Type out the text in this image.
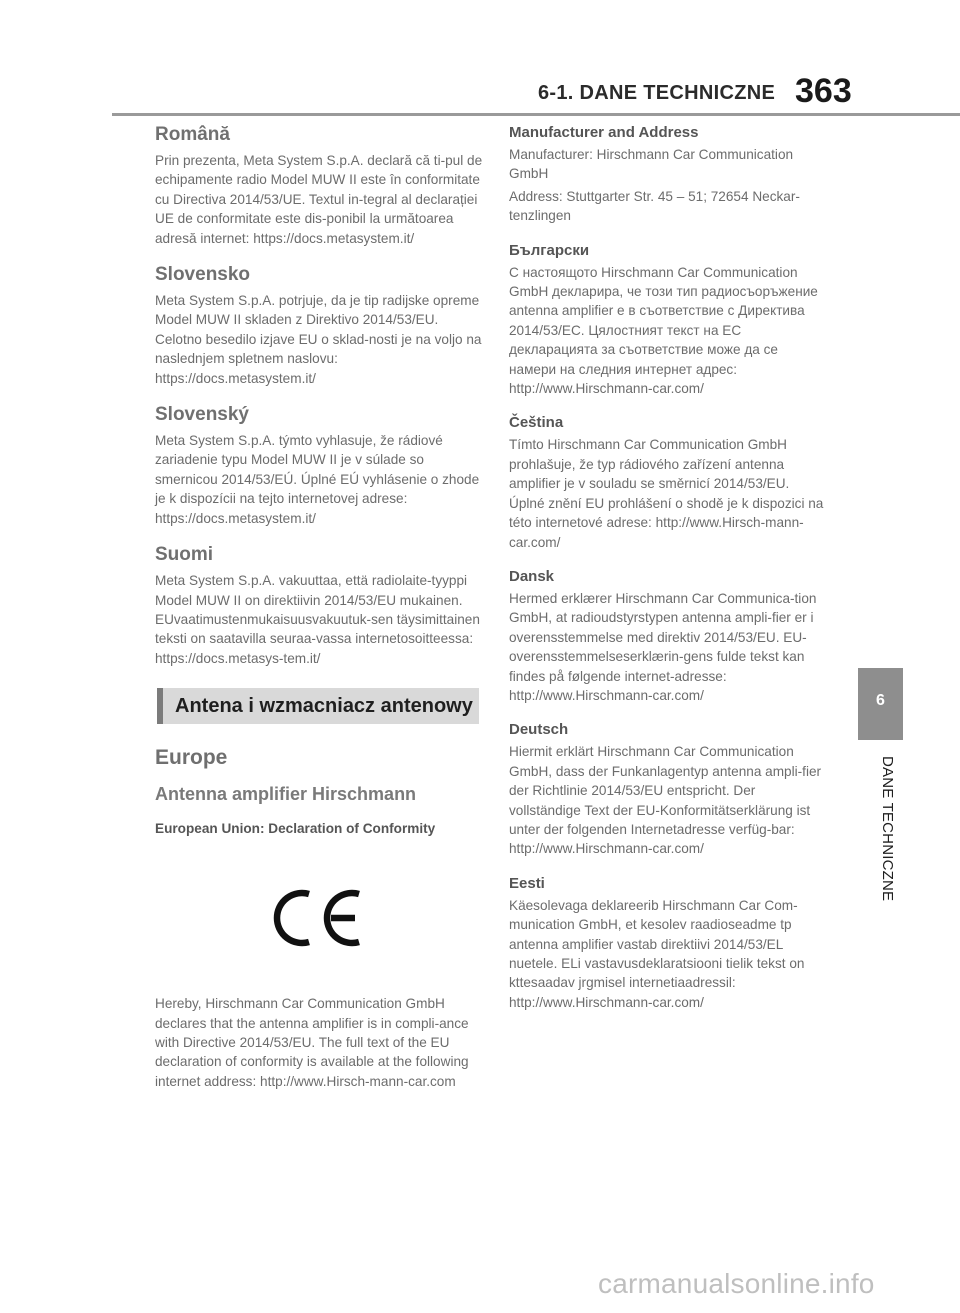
6-1. DANE TECHNICZNE 363
Română

Prin prezenta, Meta System S.p.A. declară că ti-pul de echipamente radio Model MUW II este în conformitate cu Directiva 2014/53/UE. Textul in-tegral al declarației UE de conformitate este dis-ponibil la următoarea adresă internet: https://docs.metasystem.it/

Slovensko

Meta System S.p.A. potrjuje, da je tip radijske opreme Model MUW II skladen z Direktivo 2014/53/EU. Celotno besedilo izjave EU o sklad-nosti je na voljo na naslednjem spletnem naslovu: https://docs.metasystem.it/

Slovenský

Meta System S.p.A. týmto vyhlasuje, že rádiové zariadenie typu Model MUW II je v súlade so smernicou 2014/53/EÚ. Úplné EÚ vyhlásenie o zhode je k dispozícii na tejto internetovej adrese: https://docs.metasystem.it/

Suomi

Meta System S.p.A. vakuuttaa, että radiolaite-tyyppi Model MUW II on direktiivin 2014/53/EU mukainen. EUvaatimustenmukaisuusvakuutuk-sen täysimittainen teksti on saatavilla seuraa-vassa internetosoitteessa: https://docs.metasys-tem.it/

Antena i wzmacniacz antenowy
Europe
Antenna amplifier Hirschmann
European Union: Declaration of Conformity

Hereby, Hirschmann Car Communication GmbH declares that the antenna amplifier is in compli-ance with Directive 2014/53/EU. The full text of the EU declaration of conformity is available at the following internet address: http://www.Hirsch-mann-car.com

Manufacturer and Address

Manufacturer: Hirschmann Car Communication GmbH

Address: Stuttgarter Str. 45 – 51; 72654 Neckar-tenzlingen

Български

С настоящото Hirschmann Car Communication GmbH декларира, че този тип радиосъоръжение antenna amplifier е в съответствие с Директива 2014/53/ЕС. Цялостният текст на ЕС декларацията за съответствие може да се намери на следния интернет адрес: http://www.Hirschmann-car.com/

Čeština

Tímto Hirschmann Car Communication GmbH prohlašuje, že typ rádiového zařízení antenna amplifier je v souladu se směrnicí 2014/53/EU. Úplné znění EU prohlášení o shodě je k dispozici na této internetové adrese: http://www.Hirsch-mann-car.com/

Dansk

Hermed erklærer Hirschmann Car Communica-tion GmbH, at radioudstyrstypen antenna ampli-fier er i overensstemmelse med direktiv 2014/53/EU. EU-overensstemmelseserklærin-gens fulde tekst kan findes på følgende internet-adresse: http://www.Hirschmann-car.com/

Deutsch

Hiermit erklärt Hirschmann Car Communication GmbH, dass der Funkanlagentyp antenna ampli-fier der Richtlinie 2014/53/EU entspricht. Der vollständige Text der EU-Konformitätserklärung ist unter der folgenden Internetadresse verfüg-bar: http://www.Hirschmann-car.com/

Eesti

Käesolevaga deklareerib Hirschmann Car Com-munication GmbH, et kesolev raadioseadme tp antenna amplifier vastab direktiivi 2014/53/EL nuetele. ELi vastavusdeklaratsiooni tielik tekst on kttesaadav jrgmisel internetiaadressil: http://www.Hirschmann-car.com/

6
DANE TECHNICZNE
carmanualsonline.info
